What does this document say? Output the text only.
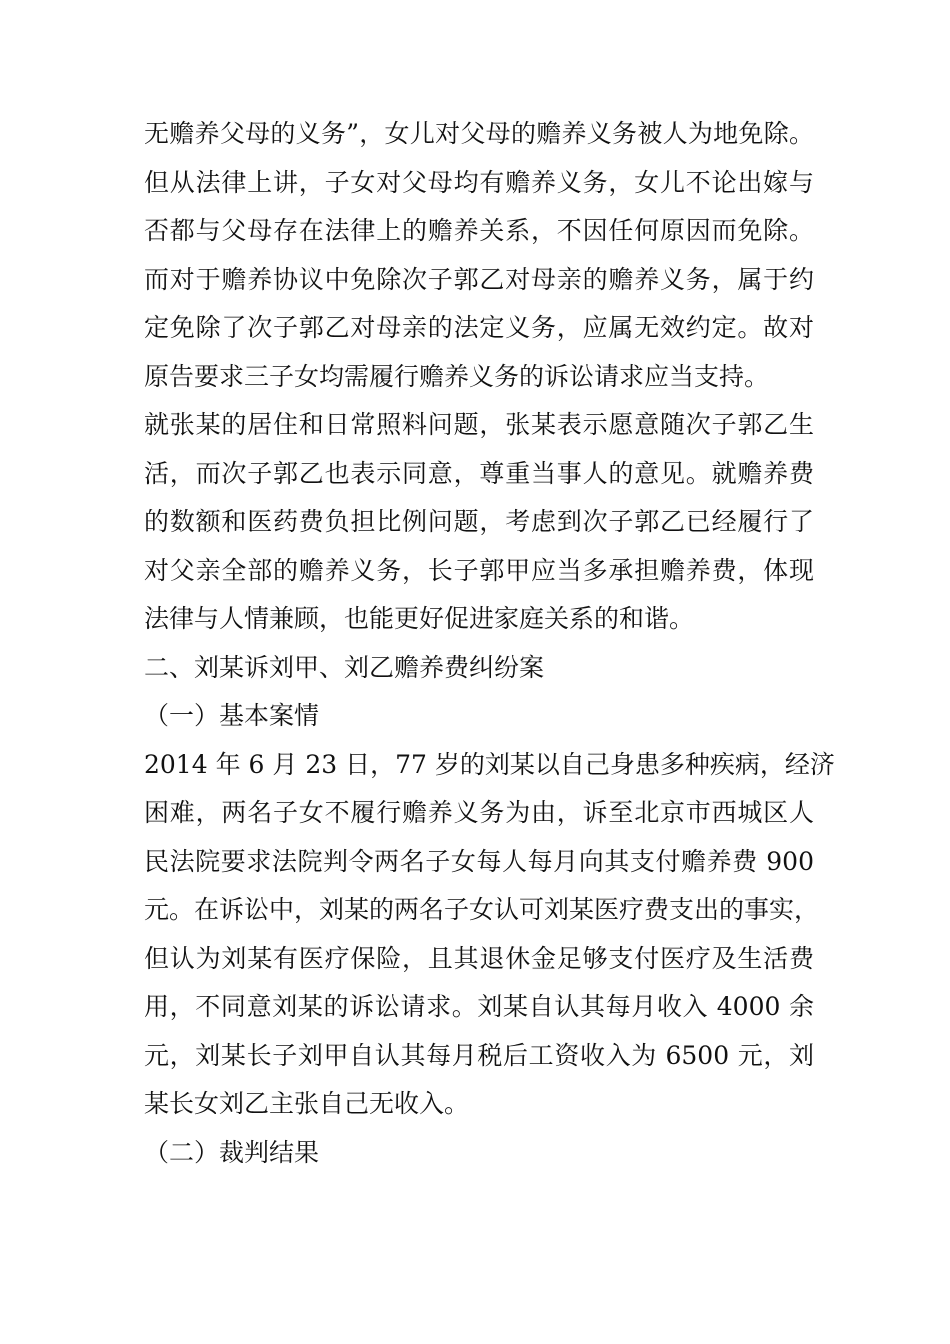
无赡养父母的义务”，女儿对父母的赡养义务被人为地免除。
但从法律上讲，子女对父母均有赡养义务，女儿不论出嫁与
否都与父母存在法律上的赡养关系，不因任何原因而免除。
而对于赡养协议中免除次子郭乙对母亲的赡养义务，属于约
定免除了次子郭乙对母亲的法定义务，应属无效约定。故对
原告要求三子女均需履行赡养义务的诉讼请求应当支持。
就张某的居住和日常照料问题，张某表示愿意随次子郭乙生
活，而次子郭乙也表示同意，尊重当事人的意见。就赡养费
的数额和医药费负担比例问题，考虑到次子郭乙已经履行了
对父亲全部的赡养义务，长子郭甲应当多承担赡养费，体现
法律与人情兼顾，也能更好促进家庭关系的和谐。
二、刘某诉刘甲、刘乙赡养费纠纷案
（一）基本案情
2014 年 6 月 23 日，77 岁的刘某以自己身患多种疾病，经济
困难，两名子女不履行赡养义务为由，诉至北京市西城区人
民法院要求法院判令两名子女每人每月向其支付赡养费 900
元。在诉讼中，刘某的两名子女认可刘某医疗费支出的事实，
但认为刘某有医疗保险，且其退休金足够支付医疗及生活费
用，不同意刘某的诉讼请求。刘某自认其每月收入 4000 余
元，刘某长子刘甲自认其每月税后工资收入为 6500 元，刘
某长女刘乙主张自己无收入。
（二）裁判结果
